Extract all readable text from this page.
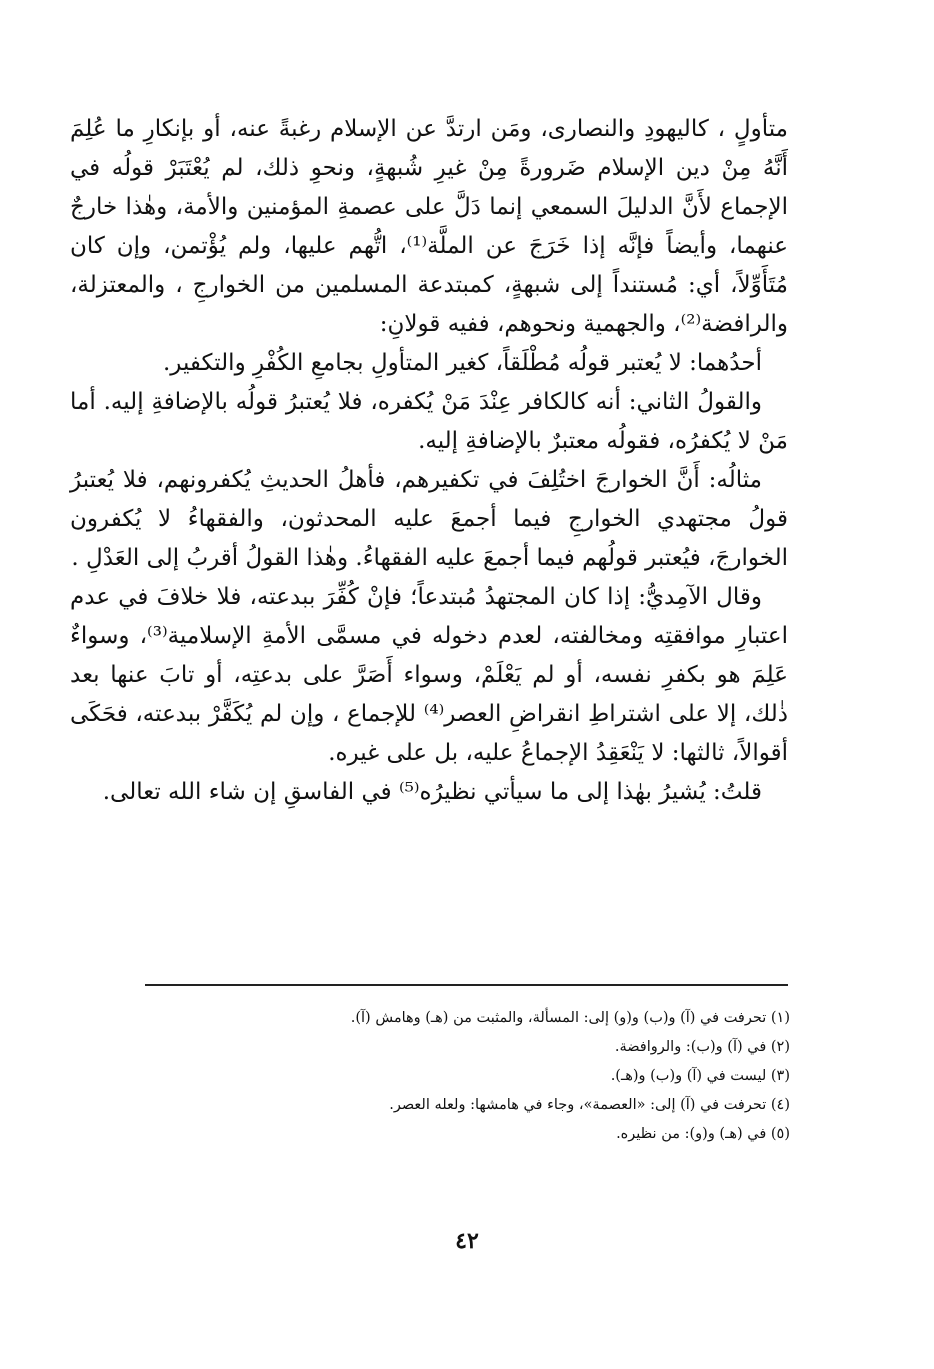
متأولٍ ، كاليهودِ والنصارى، ومَن ارتدَّ عن الإسلام رغبةً عنه، أو بإنكارِ ما عُلِمَ أَنَّهُ مِنْ دين الإسلام ضَرورةً مِنْ غيرِ شُبهةٍ، ونحوِ ذلك، لم يُعْتَبَرْ قولُه في الإجماع لأَنَّ الدليلَ السمعي إنما دَلَّ على عصمةِ المؤمنين والأمة، وهٰذا خارجٌ عنهما، وأيضاً فإنَّه إذا خَرَجَ عن الملَّة⁽¹⁾، اتُّهم عليها، ولم يُؤْتمن، وإن كان مُتَأَوِّلاً، أي: مُستنداً إلى شبهةٍ، كمبتدعة المسلمين من الخوارجِ ، والمعتزلة، والرافضة⁽²⁾، والجهمية ونحوهم، ففيه قولانِ:

أحدُهما: لا يُعتبر قولُه مُطْلَقاً، كغير المتأولِ بجامعِ الكُفْرِ والتكفير.

والقولُ الثاني: أنه كالكافر عِنْدَ مَنْ يُكفره، فلا يُعتبرُ قولُه بالإضافةِ إليه. أما مَنْ لا يُكفرُه، فقولُه معتبرٌ بالإضافةِ إليه.

مثالُه: أَنَّ الخوارجَ اختُلِفَ في تكفيرهم، فأهلُ الحديثِ يُكفرونهم، فلا يُعتبرُ قولُ مجتهدي الخوارجِ فيما أجمعَ عليه المحدثون، والفقهاءُ لا يُكفرون الخوارجَ، فيُعتبر قولُهم فيما أجمعَ عليه الفقهاءُ. وهٰذا القولُ أقربُ إلى العَدْلِ .

وقال الآمِديُّ: إذا كان المجتهدُ مُبتدعاً؛ فإنْ كُفِّرَ ببدعته، فلا خلافَ في عدم اعتبارِ موافقتِه ومخالفته، لعدم دخوله في مسمَّى الأمةِ الإسلامية⁽³⁾، وسواءٌ عَلِمَ هو بكفرِ نفسه، أو لم يَعْلَمْ، وسواء أَصَرَّ على بدعتِه، أو تابَ عنها بعد ذٰلك، إلا على اشتراطِ انقراضِ العصر⁽⁴⁾ للإجماع ، وإن لم يُكَفَّرْ ببدعته، فحَكَى أقوالاً، ثالثها: لا يَنْعَقِدُ الإجماعُ عليه، بل على غيره.

قلتُ: يُشيرُ بهٰذا إلى ما سيأتي نظيرُه⁽⁵⁾ في الفاسقِ إن شاء الله تعالى.

(١) تحرفت في (آ) و(ب) و(و) إلى: المسألة، والمثبت من (هـ) وهامش (آ).
(٢) في (آ) و(ب): والروافضة.
(٣) ليست في (آ) و(ب) و(هـ).
(٤) تحرفت في (آ) إلى: «العصمة»، وجاء في هامشها: ولعله العصر.
(٥) في (هـ) و(و): من نظيره.
٤٢
